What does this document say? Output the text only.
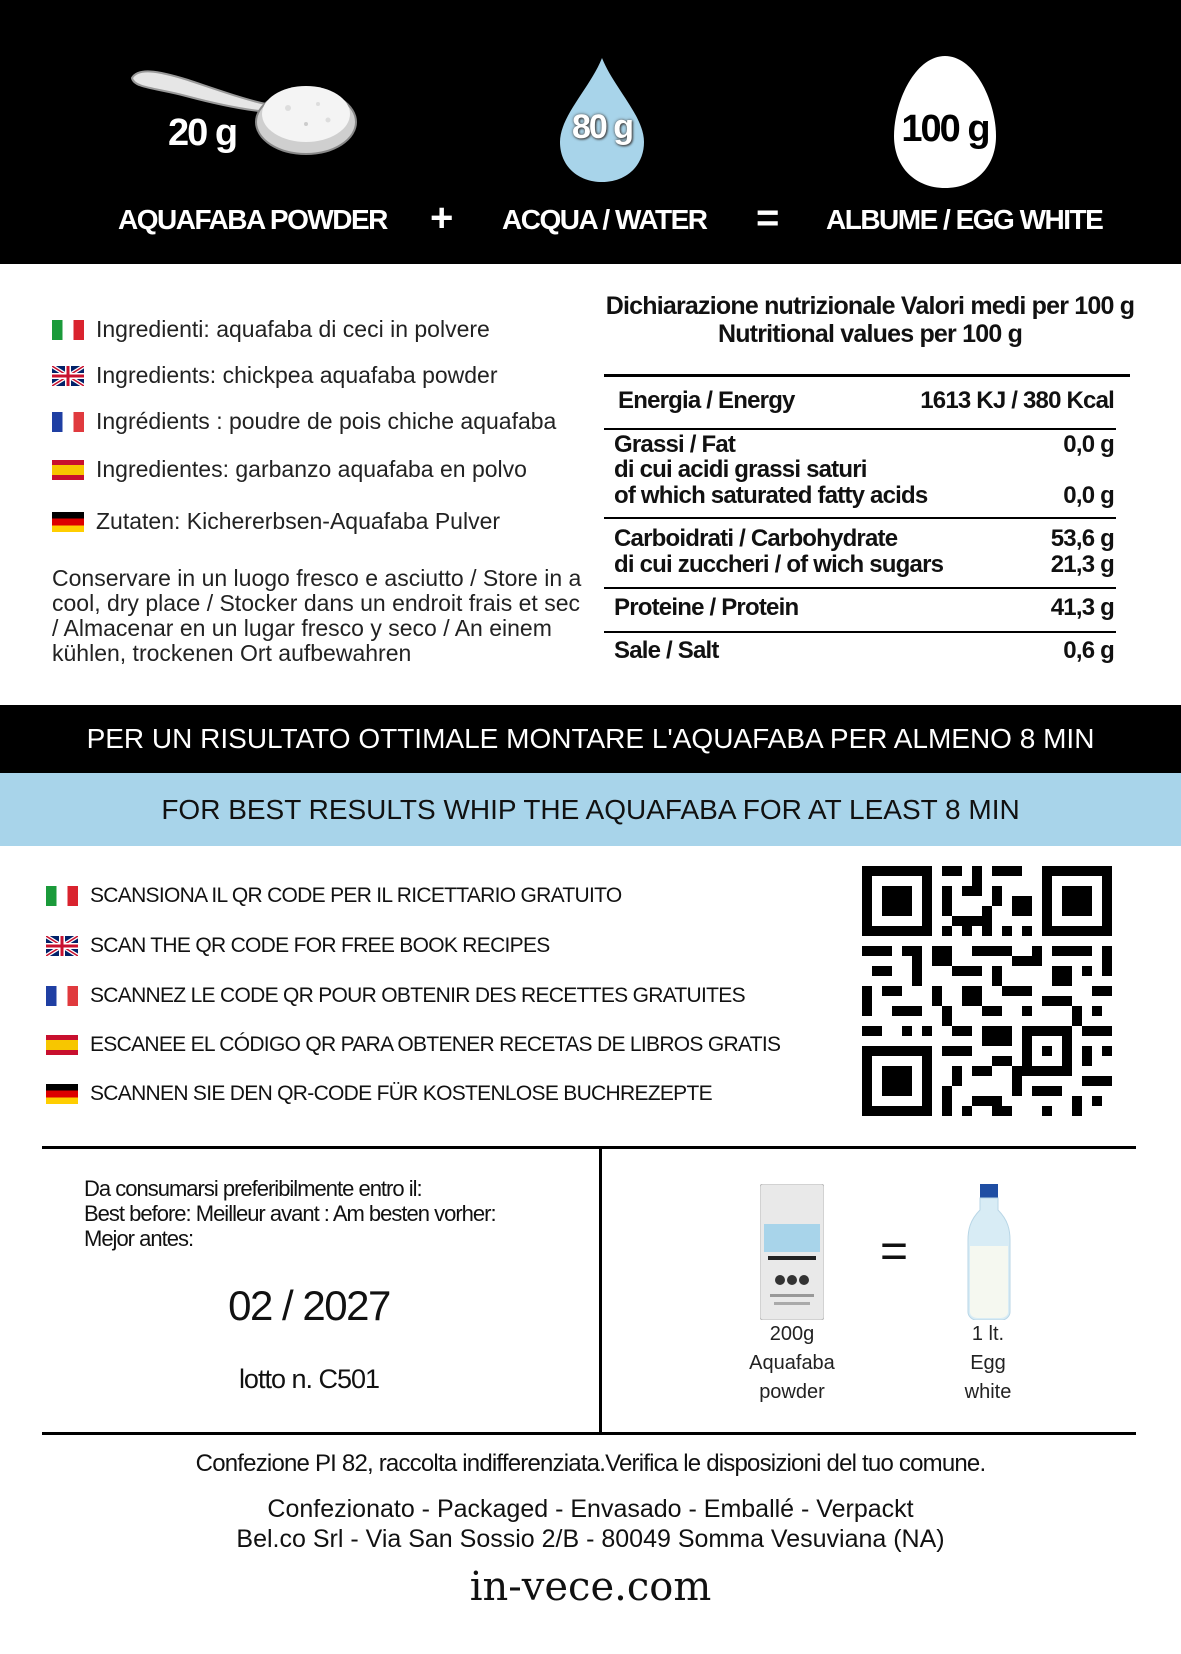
20 g	80 g	100 g
AQUAFABA POWDER + ACQUA / WATER = ALBUME / EGG WHITE
Ingredienti: aquafaba di ceci in polvere
Ingredients: chickpea aquafaba powder
Ingrédients : poudre de pois chiche aquafaba
Ingredientes: garbanzo aquafaba en polvo
Zutaten: Kichererbsen-Aquafaba Pulver
Conservare in un luogo fresco e asciutto / Store in a
cool, dry place / Stocker dans un endroit frais et sec
/ Almacenar en un lugar fresco y seco / An einem
kühlen, trockenen Ort aufbewahren
Dichiarazione nutrizionale Valori medi per 100 g
Nutritional values per 100 g
Energia / Energy	1613 KJ / 380 Kcal
Grassi / Fat	0,0 g
di cui acidi grassi saturi
of which saturated fatty acids	0,0 g
Carboidrati / Carbohydrate	53,6 g
di cui zuccheri / of wich sugars	21,3 g
Proteine / Protein	41,3 g
Sale / Salt	0,6 g
PER UN RISULTATO OTTIMALE MONTARE L'AQUAFABA PER ALMENO 8 MIN
FOR BEST RESULTS WHIP THE AQUAFABA FOR AT LEAST 8 MIN
SCANSIONA IL QR CODE PER IL RICETTARIO GRATUITO
SCAN THE QR CODE FOR FREE BOOK RECIPES
SCANNEZ LE CODE QR POUR OBTENIR DES RECETTES GRATUITES
ESCANEE EL CÓDIGO QR PARA OBTENER RECETAS DE LIBROS GRATIS
SCANNEN SIE DEN QR-CODE FÜR KOSTENLOSE BUCHREZEPTE
Da consumarsi preferibilmente entro il:
Best before: Meilleur avant : Am besten vorher:
Mejor antes:
02 / 2027
lotto n. C501
=
200g
Aquafaba
powder
1 lt.
Egg
white
Confezione PI 82, raccolta indifferenziata.Verifica le disposizioni del tuo comune.
Confezionato - Packaged - Envasado - Emballé - Verpackt
Bel.co Srl - Via San Sossio 2/B - 80049 Somma Vesuviana (NA)
in-vece.com
